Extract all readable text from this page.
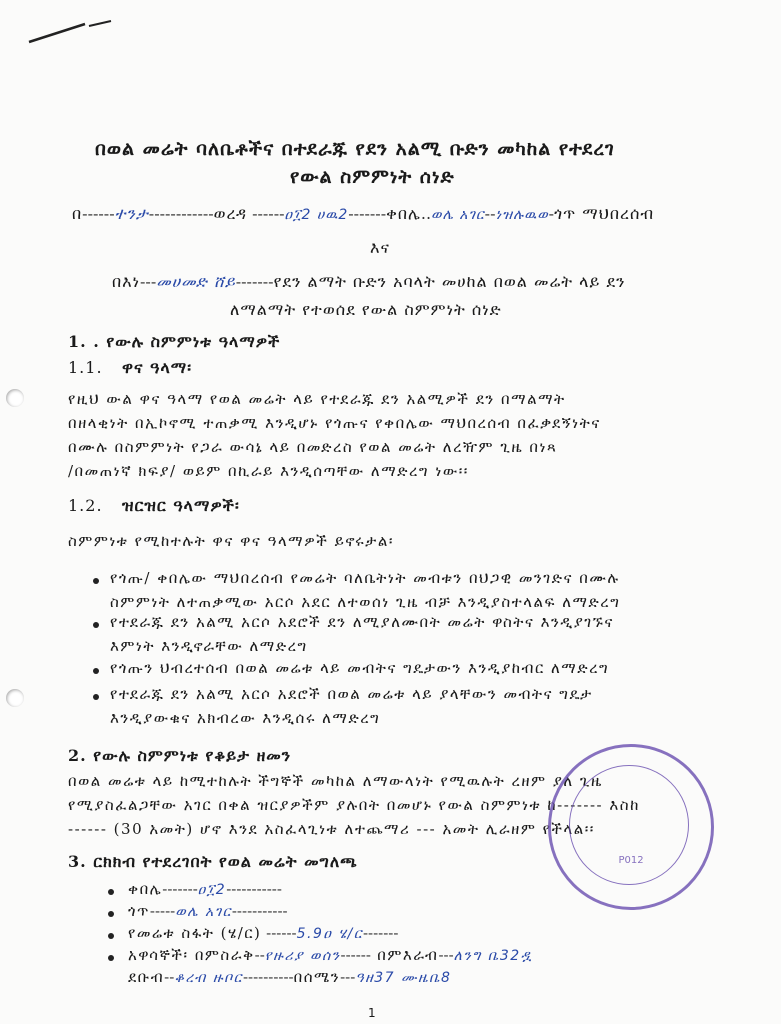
በወል መሬት ባለቤቶችና በተደራጁ የደን አልሚ ቡድን መካከል የተደረገ
የውል ስምምነት ሰነድ
በ------ተንታ------------ወረዳ ------ዐ፲2 ሀዉ2-------ቀበሌ..ወሌ አገር--ነዝሉዉወ-ጎጥ ማህበረሰብ
እና
በእነ---መሀመድ ሸይ-------የደን ልማት ቡድን አባላት መሀከል በወል መሬት ላይ ደን
ለማልማት የተወሰደ የውል ስምምነት ሰነድ
1. . የውሉ ስምምነቱ ዓላማዎች
1.1. ዋና ዓላማ፡
የዚህ ውል ዋና ዓላማ የወል መሬት ላይ የተደራጁ ደን አልሚዎች ደን በማልማት
በዘላቂነት በኢኮኖሚ ተጠቃሚ እንዲሆኑ የጎጡና የቀበሌው ማህበረሰብ በፈቃደኝነትና
በሙሉ በስምምነት የጋራ ውሳኔ ላይ በመድረስ የወል መሬት ለረዥም ጊዜ በነጻ
/በመጠነኛ ክፍያ/ ወይም በኪራይ እንዲሰጣቸው ለማድረግ ነው፡፡
1.2. ዝርዝር ዓላማዎች፡
ስምምነቱ የሚከተሉት ዋና ዋና ዓላማዎች ይኖሩታል፡
የጎጡ/ ቀበሌው ማህበረሰብ የመሬት ባለቤትነት መብቱን በህጋዊ መንገድና በሙሉ
ስምምነት ለተጠቃሚው አርሶ አደር ለተወሰነ ጊዜ ብቻ እንዲያስተላልፍ ለማድረግ
የተደራጁ ደን አልሚ አርሶ አደሮች ደን ለሚያለሙበት መሬት ዋስትና እንዲያገኙና
እምነት እንዲኖራቸው ለማድረግ
የጎጡን ህብረተሰብ በወል መሬቱ ላይ መብትና ግዴታውን እንዲያከብር ለማድረግ
የተደራጁ ደን አልሚ አርሶ አደሮች በወል መሬቱ ላይ ያላቸውን መብትና ግዴታ
እንዲያውቁና አክብረው እንዲሰሩ ለማድረግ
2. የውሉ ስምምነቱ የቆይታ ዘመን
በወል መሬቱ ላይ ከሚተከሉት ችግኞች መካከል ለማውላነት የሚዉሉት ረዘም ያለ ጊዜ
የሚያስፈልጋቸው አገር በቀል ዝርያዎችም ያሉበት በመሆኑ የውል ስምምነቱ ከ------- እስከ
------ (30 አመት) ሆኖ እንደ አስፈላጊነቱ ለተጨማሪ --- አመት ሊራዘም የችላል፡፡
P012
3. ርክክብ የተደረገበት የወል መሬት መግለጫ
ቀበሌ-------ዐ፲2-----------
ጎጥ-----ወሌ አገር-----------
የመሬቱ ስፋት (ሄ/ር) ------5.9ዐ ሄ/ር-------
አዋሳኞች፡ በምስራቅ--የዙሪያ ወሰን------ በምእራብ---ለንግ ቤ32ዷ
ደቡብ--ቆረብ ዙቦር----------በሰሜን---ዓዘ37 ሙዜቤ8
1
